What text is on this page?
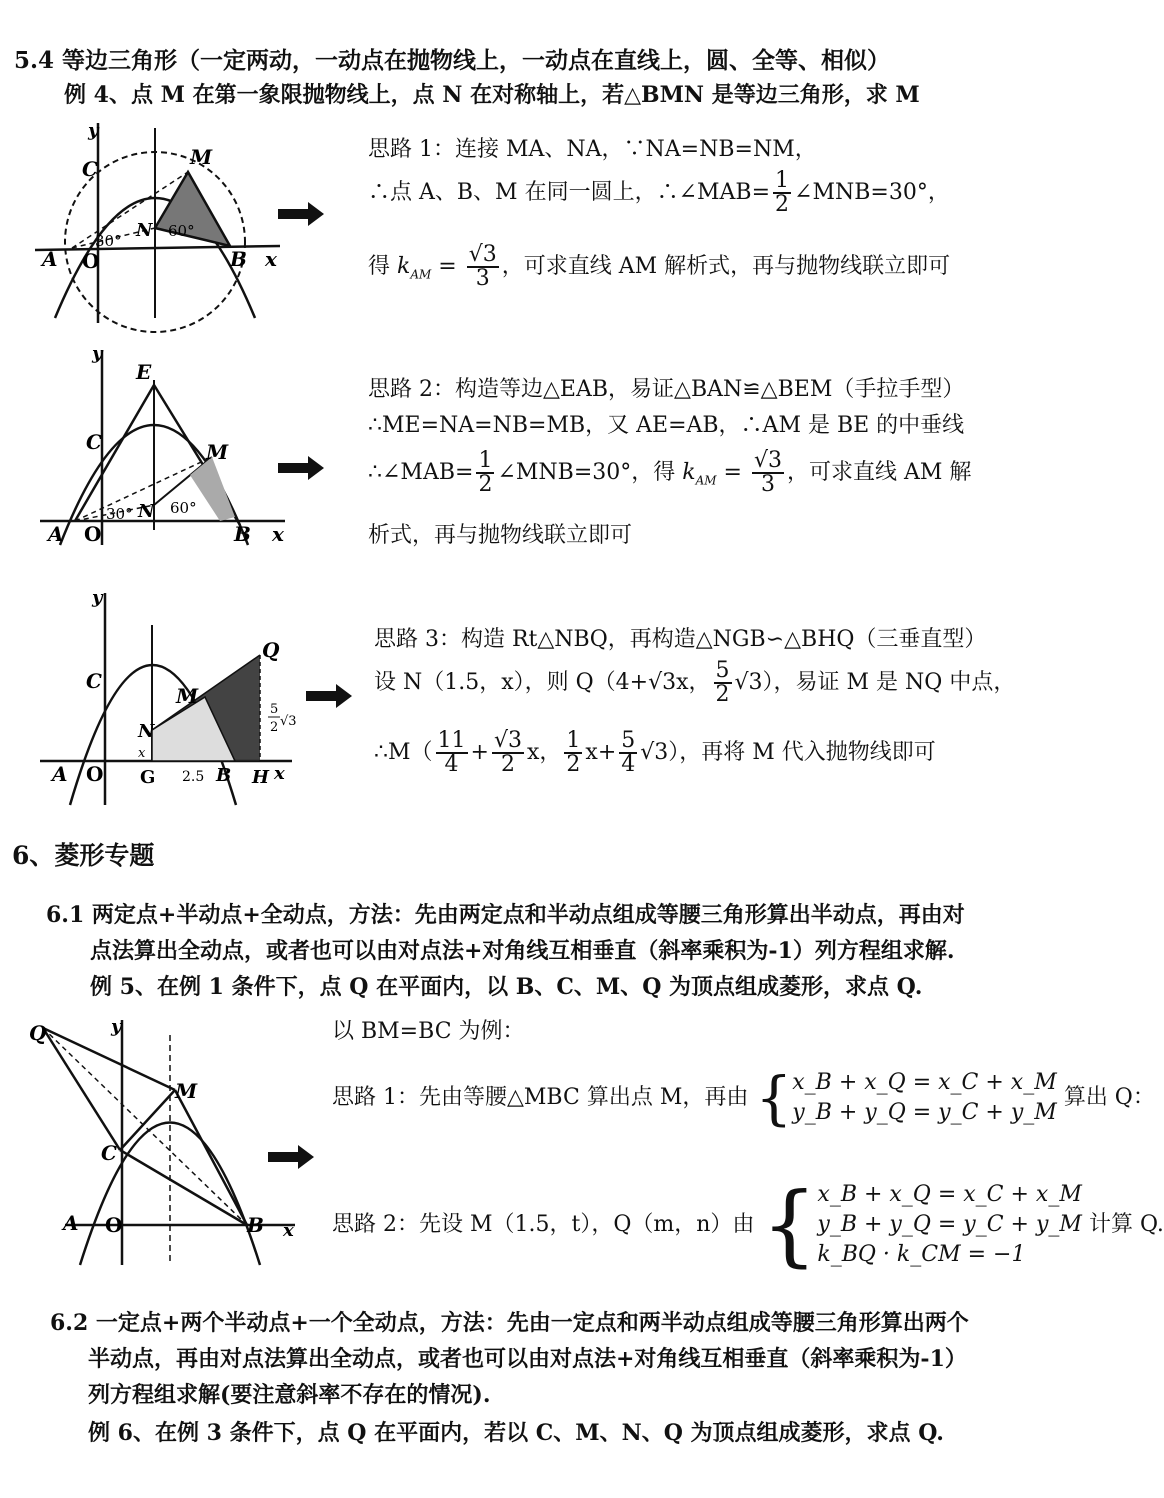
5.4 等边三角形（一定两动，一动点在抛物线上，一动点在直线上，圆、全等、相似）
例 4、点 M 在第一象限抛物线上，点 N 在对称轴上，若△BMN 是等边三角形，求 M
y
x
C	M
A O	B
N
30°
60°
思路 1：连接 MA、NA，∵NA=NB=NM，
∴点 A、B、M 在同一圆上，∴∠MAB= $\frac{1}{2}$ ∠MNB=30°，
得 $k_{AM} = \frac{√3}{3}$ ，可求直线 AM 解析式，再与抛物线联立即可
y
x
E
C	M
A O	B
N
30° 60°
思路 2：构造等边△EAB，易证△BAN≌△BEM（手拉手型）
∴ME=NA=NB=MB，又 AE=AB，∴AM 是 BE 的中垂线
∴∠MAB= $\frac{1}{2}$ ∠MNB=30°，得 $k_{AM} = \frac{√3}{3}$ ，可求直线 AM 解
析式，再与抛物线联立即可
y
x
C
M
Q
N
x
A O G 2.5 B H
5
2 √3
思路 3：构造 Rt△NBQ，再构造△NGB∽△BHQ（三垂直型）
设 N（1.5，x），则 Q（4+√3x， $\frac{5}{2} √3$），易证 M 是 NQ 中点，
∴M（ $\frac{11}{4} + \frac{√3}{2}$ x， $\frac{1}{2} x+ \frac{5}{4} √3$），再将 M 代入抛物线即可
6、菱形专题
6.1 两定点+半动点+全动点，方法：先由两定点和半动点组成等腰三角形算出半动点，再由对
点法算出全动点，或者也可以由对点法+对角线互相垂直（斜率乘积为-1）列方程组求解.
例 5、在例 1 条件下，点 Q 在平面内，以 B、C、M、Q 为顶点组成菱形，求点 Q.
y
x
Q
M
C
A O	B
以 BM=BC 为例：
思路 1：先由等腰△MBC 算出点 M，再由 { x_B + x_Q = x_C + x_M
y_B + y_Q = y_C + y_M
算出 Q：
思路 2：先设 M（1.5，t），Q（m，n）由 { x_B + x_Q = x_C + x_M
y_B + y_Q = y_C + y_M
k_BQ · k_CM = −1
计算 Q.
6.2 一定点+两个半动点+一个全动点，方法：先由一定点和两半动点组成等腰三角形算出两个
半动点，再由对点法算出全动点，或者也可以由对点法+对角线互相垂直（斜率乘积为-1）
列方程组求解(要注意斜率不存在的情况).
例 6、在例 3 条件下，点 Q 在平面内，若以 C、M、N、Q 为顶点组成菱形，求点 Q.
